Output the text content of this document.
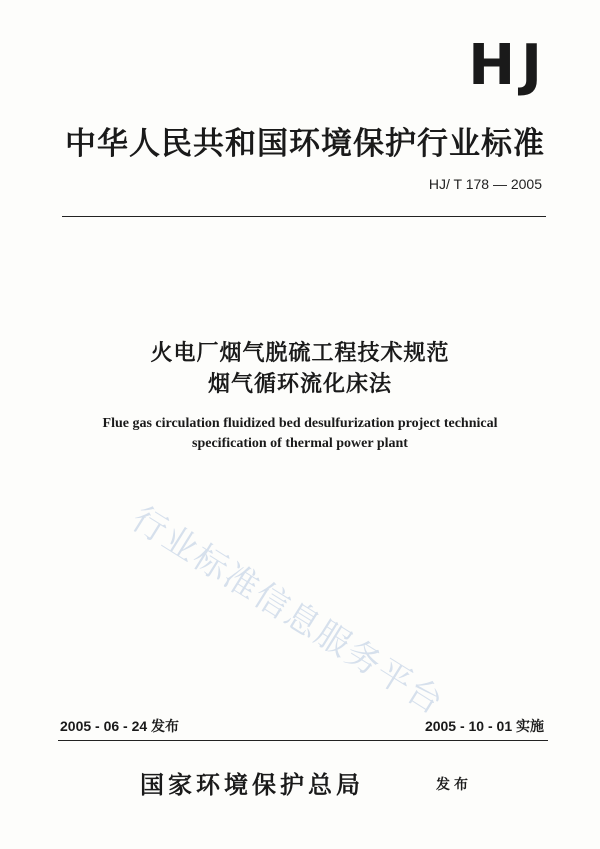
HJ
中华人民共和国环境保护行业标准
HJ/ T 178 — 2005
火电厂烟气脱硫工程技术规范
烟气循环流化床法
Flue gas circulation fluidized bed desulfurization project technical
specification of thermal power plant
行业标准信息服务平台
2005 - 06 - 24 发布	2005 - 10 - 01 实施
国家环境保护总局	发布
